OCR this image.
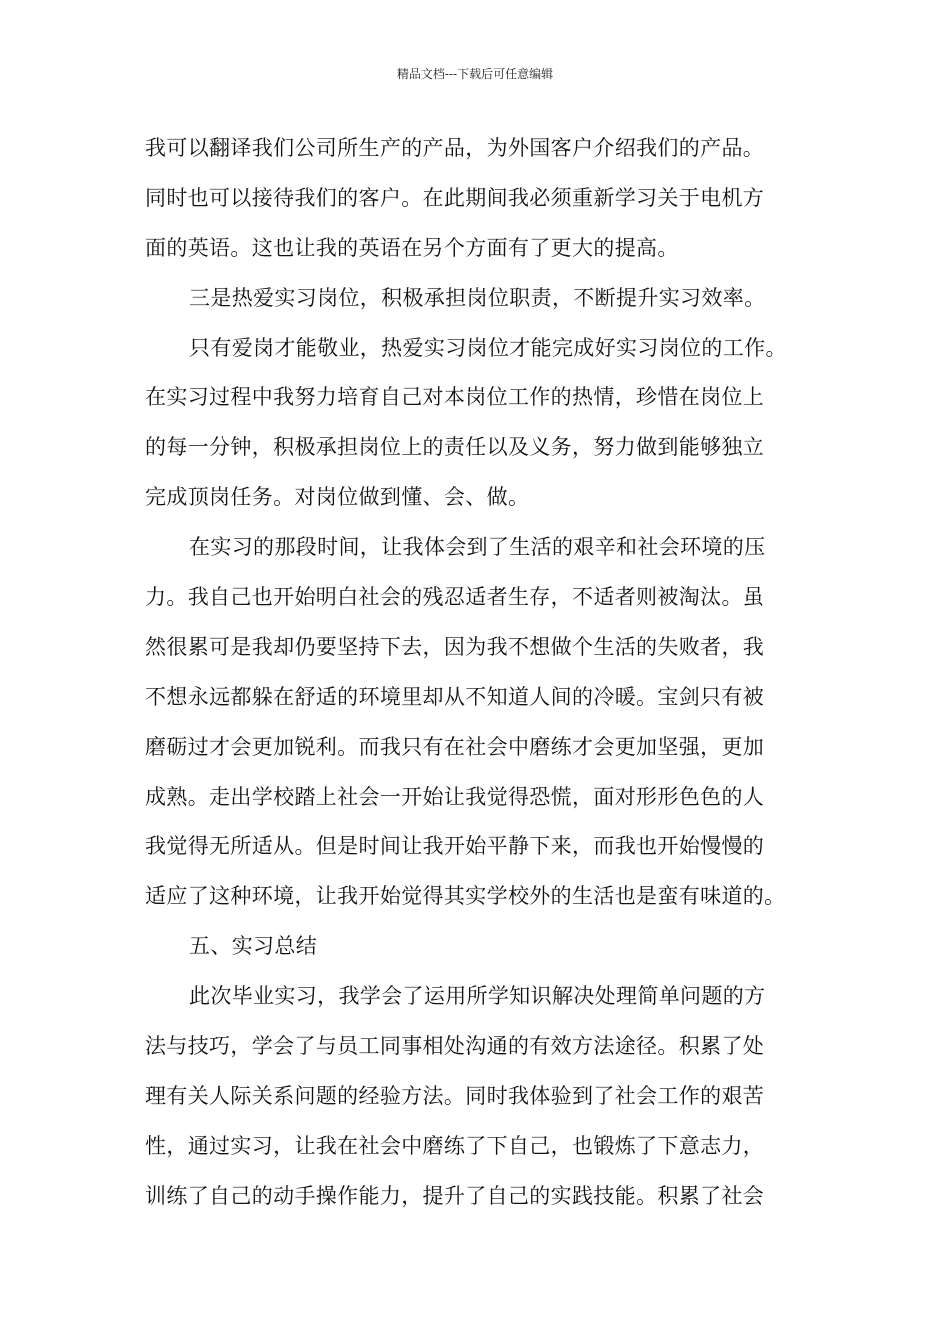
精品文档---下载后可任意编辑
我可以翻译我们公司所生产的产品，为外国客户介绍我们的产品。
同时也可以接待我们的客户。在此期间我必须重新学习关于电机方
面的英语。这也让我的英语在另个方面有了更大的提高。
三是热爱实习岗位，积极承担岗位职责，不断提升实习效率。
只有爱岗才能敬业，热爱实习岗位才能完成好实习岗位的工作。
在实习过程中我努力培育自己对本岗位工作的热情，珍惜在岗位上
的每一分钟，积极承担岗位上的责任以及义务，努力做到能够独立
完成顶岗任务。对岗位做到懂、会、做。
在实习的那段时间，让我体会到了生活的艰辛和社会环境的压
力。我自己也开始明白社会的残忍适者生存，不适者则被淘汰。虽
然很累可是我却仍要坚持下去，因为我不想做个生活的失败者，我
不想永远都躲在舒适的环境里却从不知道人间的冷暖。宝剑只有被
磨砺过才会更加锐利。而我只有在社会中磨练才会更加坚强，更加
成熟。走出学校踏上社会一开始让我觉得恐慌，面对形形色色的人
我觉得无所适从。但是时间让我开始平静下来，而我也开始慢慢的
适应了这种环境，让我开始觉得其实学校外的生活也是蛮有味道的。
五、实习总结
此次毕业实习，我学会了运用所学知识解决处理简单问题的方
法与技巧，学会了与员工同事相处沟通的有效方法途径。积累了处
理有关人际关系问题的经验方法。同时我体验到了社会工作的艰苦
性，通过实习，让我在社会中磨练了下自己，也锻炼了下意志力，
训练了自己的动手操作能力，提升了自己的实践技能。积累了社会
